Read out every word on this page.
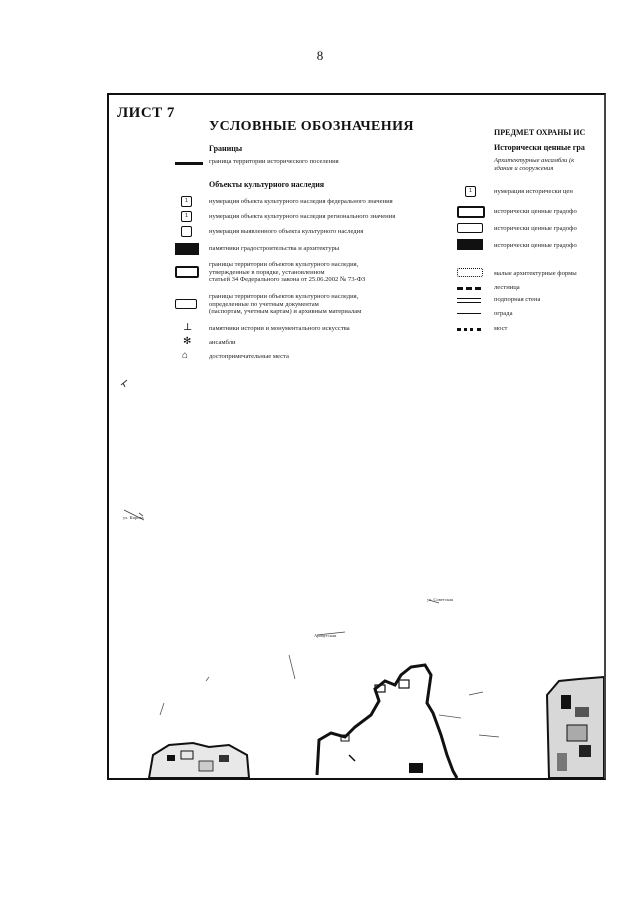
8
Арнаутская
ул. Советская
ул. Кирова
ЛИСТ 7
УСЛОВНЫЕ ОБОЗНАЧЕНИЯ
Границы
граница территории исторического поселения
Объекты культурного наследия
1	нумерация объекта культурного наследия федерального значения
1	нумерация объекта культурного наследия регионального значения
нумерация выявленного объекта культурного наследия
памятники градостроительства и архитектуры
границы территории объектов культурного наследия,
утвержденные в порядке, установленном
статьей 34 Федерального закона от 25.06.2002 № 73-ФЗ
границы территории объектов культурного наследия,
определенные по учетным документам
(паспортам, учетным картам) и архивным материалам
⊥	памятники истории и монументального искусства
✻	ансамбли
⌂	достопримечательные места
ПРЕДМЕТ ОХРАНЫ ИС
Исторически ценные гра
Архитектурные ансамбли (к
здания и сооружения
1	нумерация исторически цен
исторически ценные градофо
исторически ценные градофо
исторически ценные градофо
малые архитектурные формы
лестница
подпорная стена
ограда
мост
